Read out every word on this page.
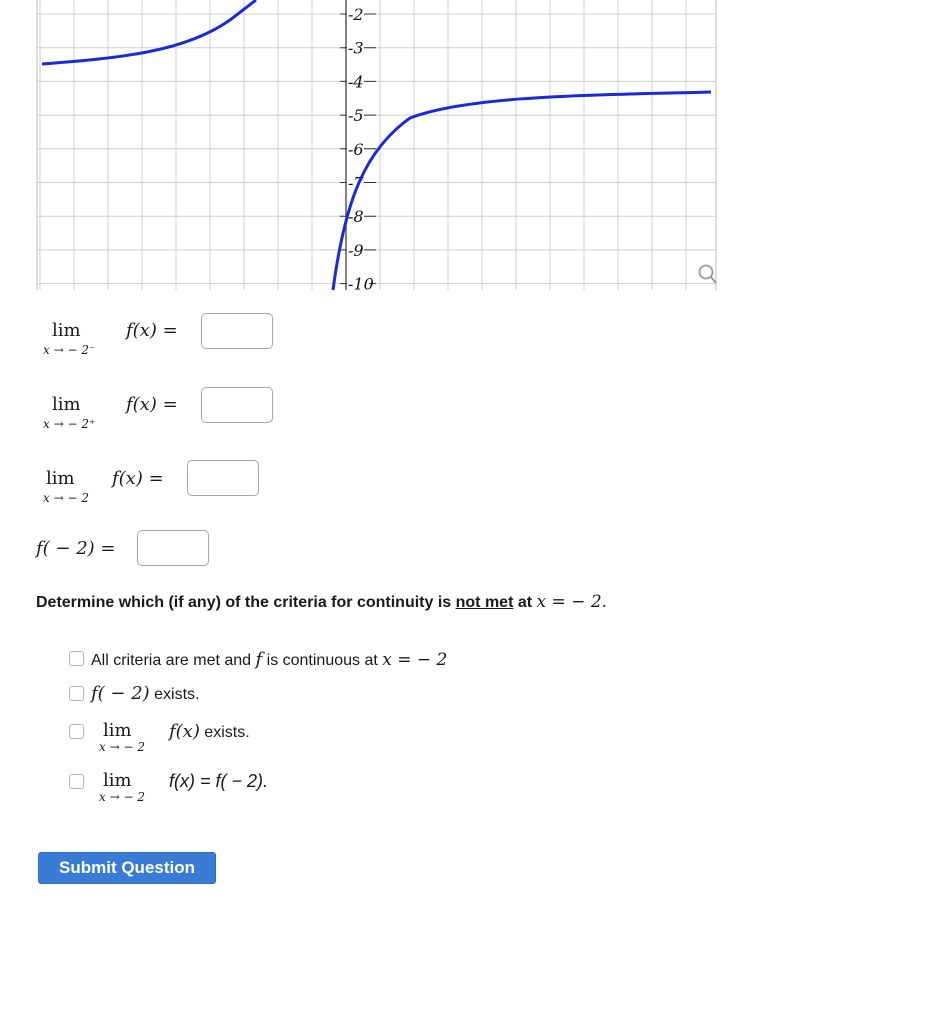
-2
-3
-4
-5
-6
-7
-8
-9
-10
lim
x → − 2⁻
f(x) =
lim
x → − 2⁺
f(x) =
lim
x → − 2
f(x) =
f( − 2) =
Determine which (if any) of the criteria for continuity is not met at x = − 2.
All criteria are met and f is continuous at x = − 2
f( − 2) exists.
lim
x → − 2
f(x) exists.
lim
x → − 2
f(x) = f( − 2).
Submit Question
